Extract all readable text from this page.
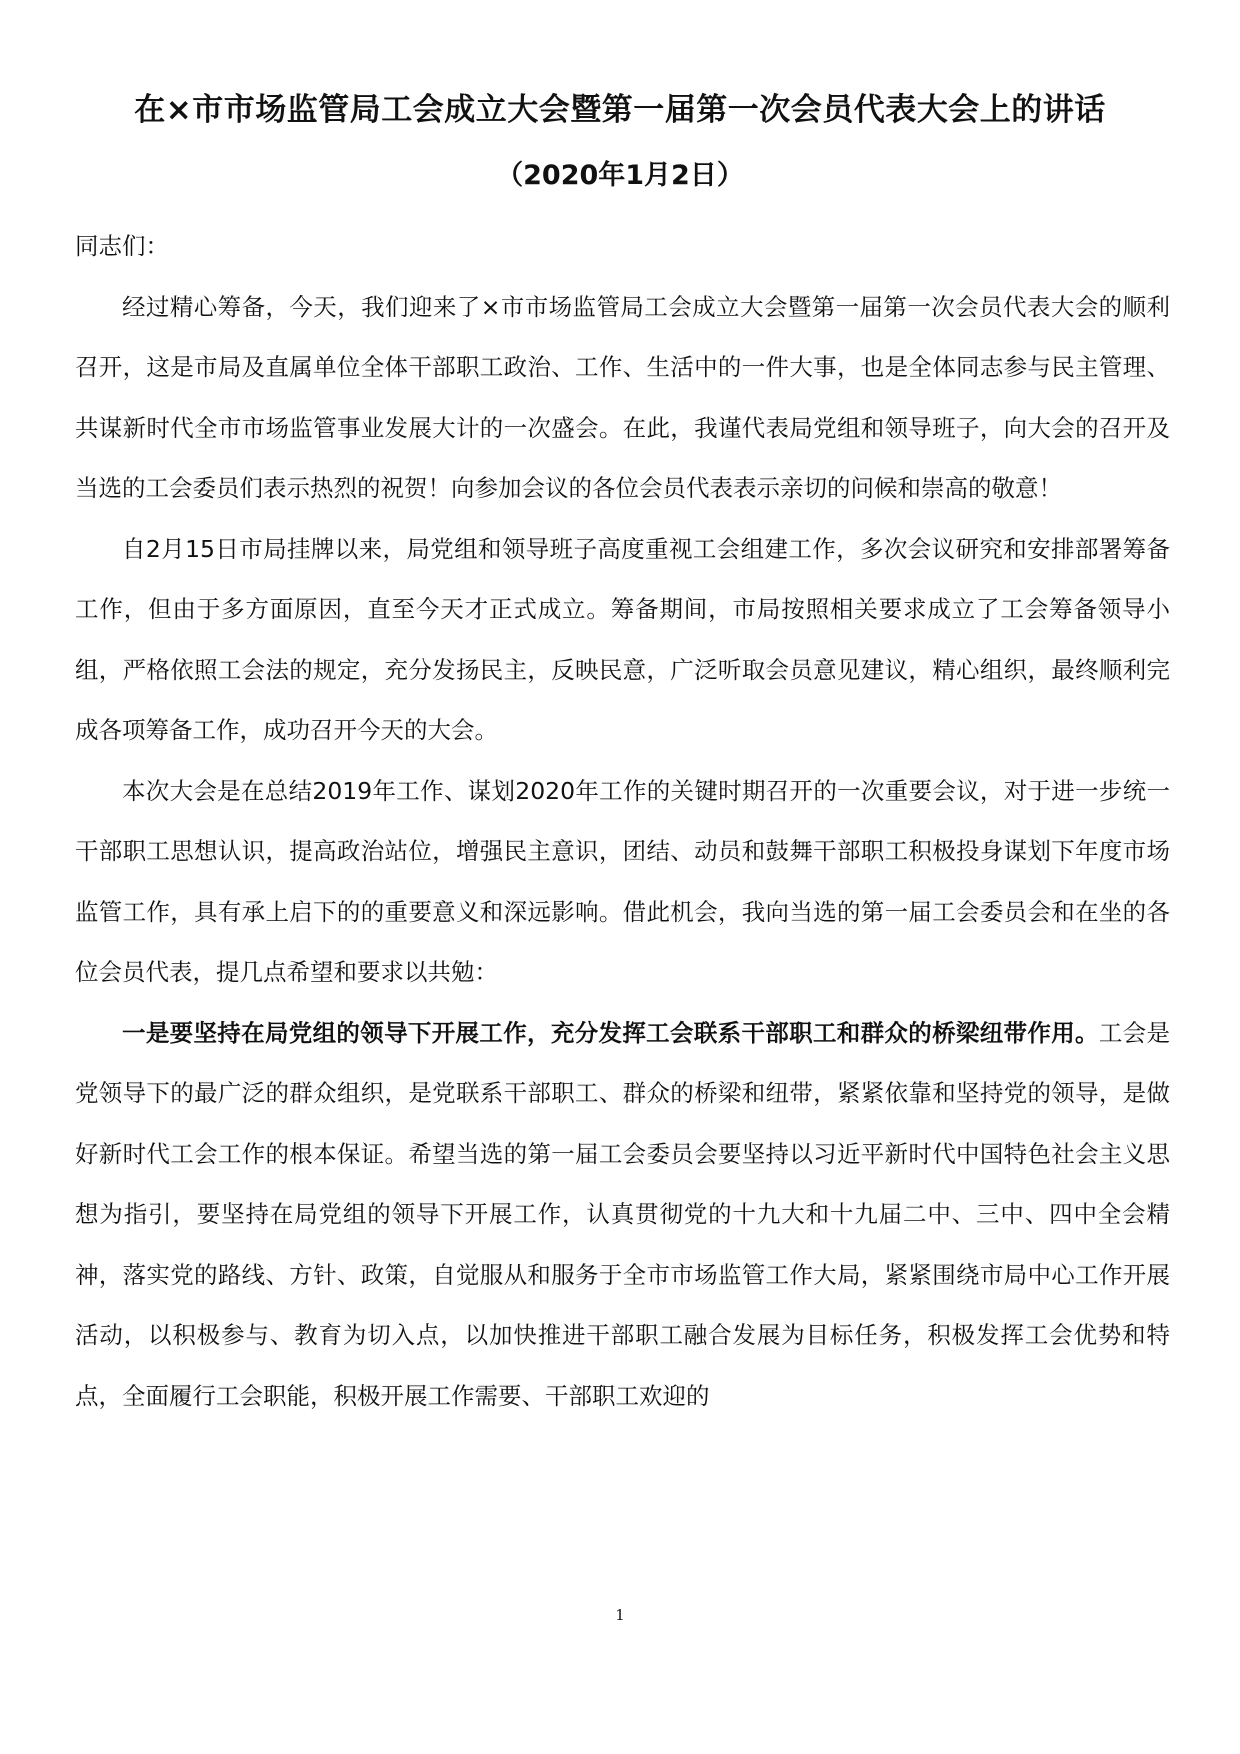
在×市市场监管局工会成立大会暨第一届第一次会员代表大会上的讲话
（2020年1月2日）

同志们：

经过精心筹备，今天，我们迎来了×市市场监管局工会成立大会暨第一届第一次会员代表大会的顺利召开，这是市局及直属单位全体干部职工政治、工作、生活中的一件大事，也是全体同志参与民主管理、共谋新时代全市市场监管事业发展大计的一次盛会。在此，我谨代表局党组和领导班子，向大会的召开及当选的工会委员们表示热烈的祝贺！向参加会议的各位会员代表表示亲切的问候和崇高的敬意！

自2月15日市局挂牌以来，局党组和领导班子高度重视工会组建工作，多次会议研究和安排部署筹备工作，但由于多方面原因，直至今天才正式成立。筹备期间，市局按照相关要求成立了工会筹备领导小组，严格依照工会法的规定，充分发扬民主，反映民意，广泛听取会员意见建议，精心组织，最终顺利完成各项筹备工作，成功召开今天的大会。

本次大会是在总结2019年工作、谋划2020年工作的关键时期召开的一次重要会议，对于进一步统一干部职工思想认识，提高政治站位，增强民主意识，团结、动员和鼓舞干部职工积极投身谋划下年度市场监管工作，具有承上启下的的重要意义和深远影响。借此机会，我向当选的第一届工会委员会和在坐的各位会员代表，提几点希望和要求以共勉：

一是要坚持在局党组的领导下开展工作，充分发挥工会联系干部职工和群众的桥梁纽带作用。工会是党领导下的最广泛的群众组织，是党联系干部职工、群众的桥梁和纽带，紧紧依靠和坚持党的领导，是做好新时代工会工作的根本保证。希望当选的第一届工会委员会要坚持以习近平新时代中国特色社会主义思想为指引，要坚持在局党组的领导下开展工作，认真贯彻党的十九大和十九届二中、三中、四中全会精神，落实党的路线、方针、政策，自觉服从和服务于全市市场监管工作大局，紧紧围绕市局中心工作开展活动，以积极参与、教育为切入点，以加快推进干部职工融合发展为目标任务，积极发挥工会优势和特点，全面履行工会职能，积极开展工作需要、干部职工欢迎的

1
